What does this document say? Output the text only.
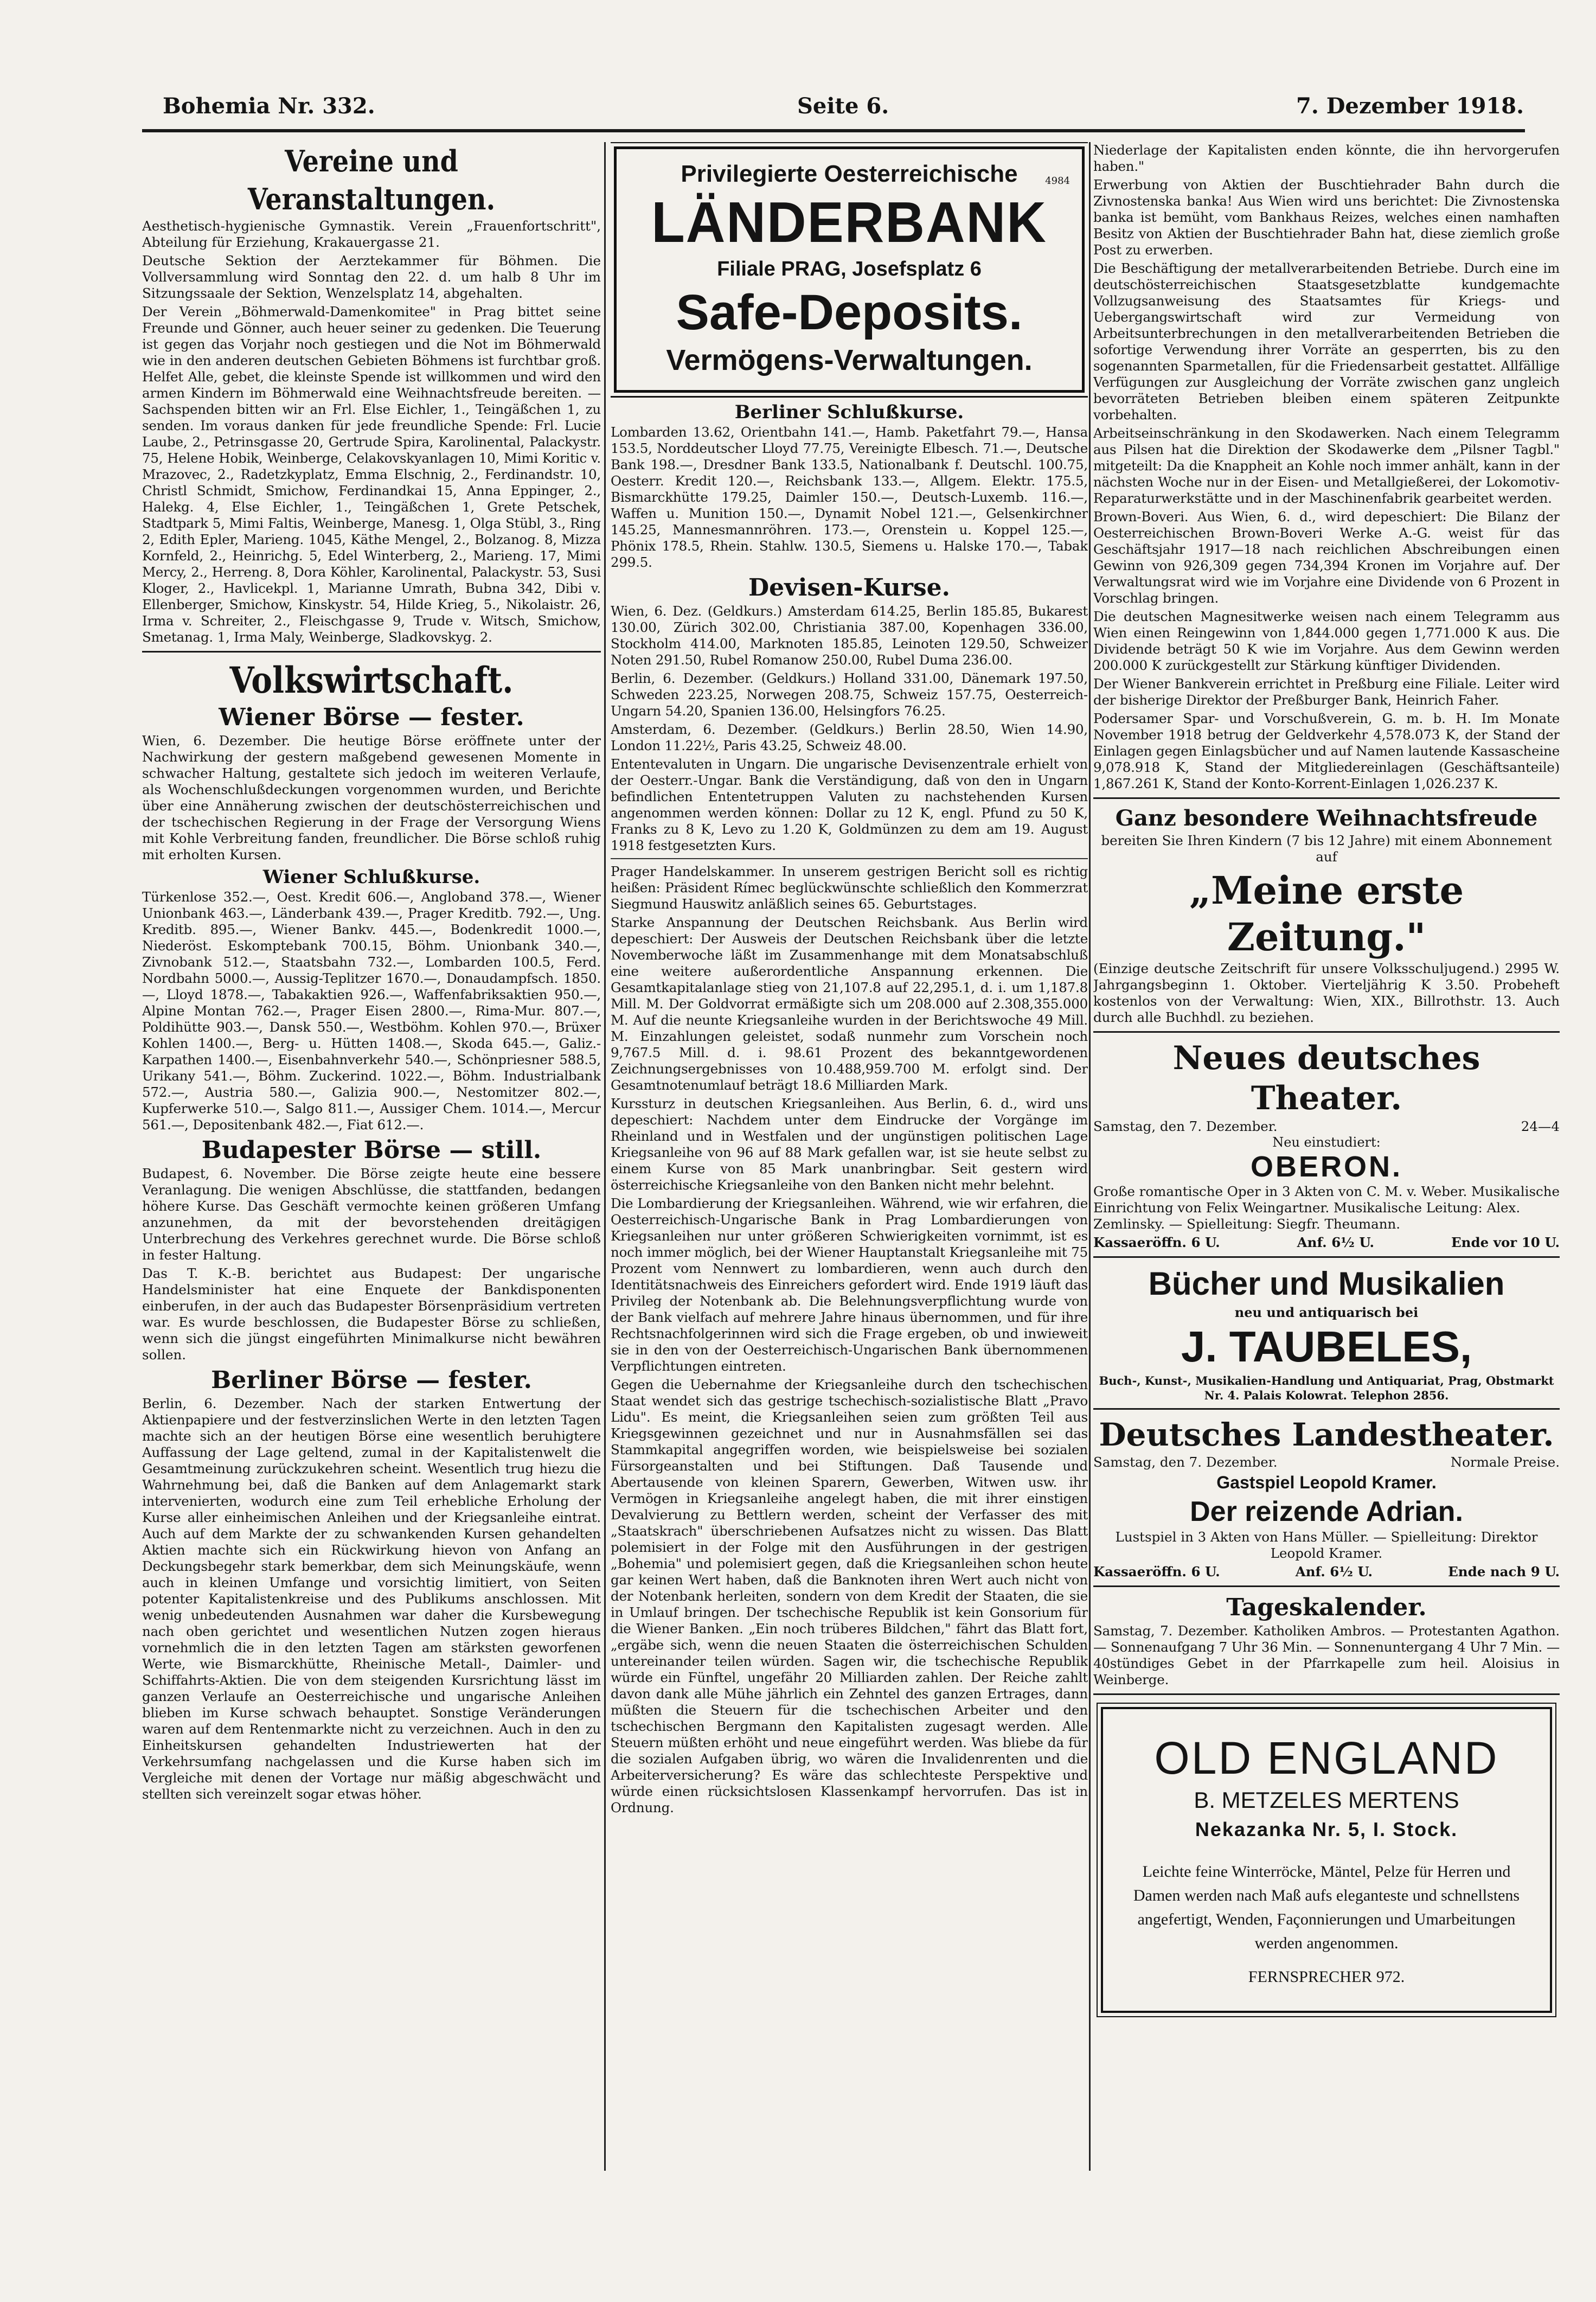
Bohemia Nr. 332.	Seite 6.	7. Dezember 1918.
Vereine und Veranstaltungen.

Aesthetisch-hygienische Gymnastik. Verein „Frauenfortschritt", Abteilung für Erziehung, Krakauergasse 21.

Deutsche Sektion der Aerztekammer für Böhmen. Die Vollversammlung wird Sonntag den 22. d. um halb 8 Uhr im Sitzungssaale der Sektion, Wenzelsplatz 14, abgehalten.

Der Verein „Böhmerwald-Damenkomitee" in Prag bittet seine Freunde und Gönner, auch heuer seiner zu gedenken. Die Teuerung ist gegen das Vorjahr noch gestiegen und die Not im Böhmerwald wie in den anderen deutschen Gebieten Böhmens ist furchtbar groß. Helfet Alle, gebet, die kleinste Spende ist willkommen und wird den armen Kindern im Böhmerwald eine Weihnachtsfreude bereiten. — Sachspenden bitten wir an Frl. Else Eichler, 1., Teingäßchen 1, zu senden. Im voraus danken für jede freundliche Spende: Frl. Lucie Laube, 2., Petrinsgasse 20, Gertrude Spira, Karolinental, Palackystr. 75, Helene Hobik, Weinberge, Celakovskyanlagen 10, Mimi Koritic v. Mrazovec, 2., Radetzkyplatz, Emma Elschnig, 2., Ferdinandstr. 10, Christl Schmidt, Smichow, Ferdinandkai 15, Anna Eppinger, 2., Halekg. 4, Else Eichler, 1., Teingäßchen 1, Grete Petschek, Stadtpark 5, Mimi Faltis, Weinberge, Manesg. 1, Olga Stübl, 3., Ring 2, Edith Epler, Marieng. 1045, Käthe Mengel, 2., Bolzanog. 8, Mizza Kornfeld, 2., Heinrichg. 5, Edel Winterberg, 2., Marieng. 17, Mimi Mercy, 2., Herreng. 8, Dora Köhler, Karolinental, Palackystr. 53, Susi Kloger, 2., Havlicekpl. 1, Marianne Umrath, Bubna 342, Dibi v. Ellenberger, Smichow, Kinskystr. 54, Hilde Krieg, 5., Nikolaistr. 26, Irma v. Schreiter, 2., Fleischgasse 9, Trude v. Witsch, Smichow, Smetanag. 1, Irma Maly, Weinberge, Sladkovskyg. 2.

Volkswirtschaft.
Wiener Börse — fester.

Wien, 6. Dezember. Die heutige Börse eröffnete unter der Nachwirkung der gestern maßgebend gewesenen Momente in schwacher Haltung, gestaltete sich jedoch im weiteren Verlaufe, als Wochenschlußdeckungen vorgenommen wurden, und Berichte über eine Annäherung zwischen der deutschösterreichischen und der tschechischen Regierung in der Frage der Versorgung Wiens mit Kohle Verbreitung fanden, freundlicher. Die Börse schloß ruhig mit erholten Kursen.

Wiener Schlußkurse.

Türkenlose 352.—, Oest. Kredit 606.—, Angloband 378.—, Wiener Unionbank 463.—, Länderbank 439.—, Prager Kreditb. 792.—, Ung. Kreditb. 895.—, Wiener Bankv. 445.—, Bodenkredit 1000.—, Niederöst. Eskomptebank 700.15, Böhm. Unionbank 340.—, Zivnobank 512.—, Staatsbahn 732.—, Lombarden 100.5, Ferd. Nordbahn 5000.—, Aussig-Teplitzer 1670.—, Donaudampfsch. 1850.—, Lloyd 1878.—, Tabakaktien 926.—, Waffenfabriksaktien 950.—, Alpine Montan 762.—, Prager Eisen 2800.—, Rima-Mur. 807.—, Poldihütte 903.—, Dansk 550.—, Westböhm. Kohlen 970.—, Brüxer Kohlen 1400.—, Berg- u. Hütten 1408.—, Skoda 645.—, Galiz.-Karpathen 1400.—, Eisenbahnverkehr 540.—, Schönpriesner 588.5, Urikany 541.—, Böhm. Zuckerind. 1022.—, Böhm. Industrialbank 572.—, Austria 580.—, Galizia 900.—, Nestomitzer 802.—, Kupferwerke 510.—, Salgo 811.—, Aussiger Chem. 1014.—, Mercur 561.—, Depositenbank 482.—, Fiat 612.—.

Budapester Börse — still.

Budapest, 6. November. Die Börse zeigte heute eine bessere Veranlagung. Die wenigen Abschlüsse, die stattfanden, bedangen höhere Kurse. Das Geschäft vermochte keinen größeren Umfang anzunehmen, da mit der bevorstehenden dreitägigen Unterbrechung des Verkehres gerechnet wurde. Die Börse schloß in fester Haltung.

Das T. K.-B. berichtet aus Budapest: Der ungarische Handelsminister hat eine Enquete der Bankdisponenten einberufen, in der auch das Budapester Börsenpräsidium vertreten war. Es wurde beschlossen, die Budapester Börse zu schließen, wenn sich die jüngst eingeführten Minimalkurse nicht bewähren sollen.

Berliner Börse — fester.

Berlin, 6. Dezember. Nach der starken Entwertung der Aktienpapiere und der festverzinslichen Werte in den letzten Tagen machte sich an der heutigen Börse eine wesentlich beruhigtere Auffassung der Lage geltend, zumal in der Kapitalistenwelt die Gesamtmeinung zurückzukehren scheint. Wesentlich trug hiezu die Wahrnehmung bei, daß die Banken auf dem Anlagemarkt stark intervenierten, wodurch eine zum Teil erhebliche Erholung der Kurse aller einheimischen Anleihen und der Kriegsanleihe eintrat. Auch auf dem Markte der zu schwankenden Kursen gehandelten Aktien machte sich ein Rückwirkung hievon von Anfang an Deckungsbegehr stark bemerkbar, dem sich Meinungskäufe, wenn auch in kleinen Umfange und vorsichtig limitiert, von Seiten potenter Kapitalistenkreise und des Publikums anschlossen. Mit wenig unbedeutenden Ausnahmen war daher die Kursbewegung nach oben gerichtet und wesentlichen Nutzen zogen hieraus vornehmlich die in den letzten Tagen am stärksten geworfenen Werte, wie Bismarckhütte, Rheinische Metall-, Daimler- und Schiffahrts-Aktien. Die von dem steigenden Kursrichtung lässt im ganzen Verlaufe an Oesterreichische und ungarische Anleihen blieben im Kurse schwach behauptet. Sonstige Veränderungen waren auf dem Rentenmarkte nicht zu verzeichnen. Auch in den zu Einheitskursen gehandelten Industriewerten hat der Verkehrsumfang nachgelassen und die Kurse haben sich im Vergleiche mit denen der Vortage nur mäßig abgeschwächt und stellten sich vereinzelt sogar etwas höher.

Privilegierte Oesterreichische	4984
LÄNDERBANK
Filiale PRAG, Josefsplatz 6
Safe-Deposits.
Vermögens-Verwaltungen.
Berliner Schlußkurse.

Lombarden 13.62, Orientbahn 141.—, Hamb. Paketfahrt 79.—, Hansa 153.5, Norddeutscher Lloyd 77.75, Vereinigte Elbesch. 71.—, Deutsche Bank 198.—, Dresdner Bank 133.5, Nationalbank f. Deutschl. 100.75, Oesterr. Kredit 120.—, Reichsbank 133.—, Allgem. Elektr. 175.5, Bismarckhütte 179.25, Daimler 150.—, Deutsch-Luxemb. 116.—, Waffen u. Munition 150.—, Dynamit Nobel 121.—, Gelsenkirchner 145.25, Mannesmannröhren. 173.—, Orenstein u. Koppel 125.—, Phönix 178.5, Rhein. Stahlw. 130.5, Siemens u. Halske 170.—, Tabak 299.5.

Devisen-Kurse.

Wien, 6. Dez. (Geldkurs.) Amsterdam 614.25, Berlin 185.85, Bukarest 130.00, Zürich 302.00, Christiania 387.00, Kopenhagen 336.00, Stockholm 414.00, Marknoten 185.85, Leinoten 129.50, Schweizer Noten 291.50, Rubel Romanow 250.00, Rubel Duma 236.00.

Berlin, 6. Dezember. (Geldkurs.) Holland 331.00, Dänemark 197.50, Schweden 223.25, Norwegen 208.75, Schweiz 157.75, Oesterreich-Ungarn 54.20, Spanien 136.00, Helsingfors 76.25.

Amsterdam, 6. Dezember. (Geldkurs.) Berlin 28.50, Wien 14.90, London 11.22½, Paris 43.25, Schweiz 48.00.

Ententevaluten in Ungarn. Die ungarische Devisenzentrale erhielt von der Oesterr.-Ungar. Bank die Verständigung, daß von den in Ungarn befindlichen Ententetruppen Valuten zu nachstehenden Kursen angenommen werden können: Dollar zu 12 K, engl. Pfund zu 50 K, Franks zu 8 K, Levo zu 1.20 K, Goldmünzen zu dem am 19. August 1918 festgesetzten Kurs.

Prager Handelskammer. In unserem gestrigen Bericht soll es richtig heißen: Präsident Rímec beglückwünschte schließlich den Kommerzrat Siegmund Hauswitz anläßlich seines 65. Geburtstages.

Starke Anspannung der Deutschen Reichsbank. Aus Berlin wird depeschiert: Der Ausweis der Deutschen Reichsbank über die letzte Novemberwoche läßt im Zusammenhange mit dem Monatsabschluß eine weitere außerordentliche Anspannung erkennen. Die Gesamtkapitalanlage stieg von 21,107.8 auf 22,295.1, d. i. um 1,187.8 Mill. M. Der Goldvorrat ermäßigte sich um 208.000 auf 2.308,355.000 M. Auf die neunte Kriegsanleihe wurden in der Berichtswoche 49 Mill. M. Einzahlungen geleistet, sodaß nunmehr zum Vorschein noch 9,767.5 Mill. d. i. 98.61 Prozent des bekanntgewordenen Zeichnungsergebnisses von 10.488,959.700 M. erfolgt sind. Der Gesamtnotenumlauf beträgt 18.6 Milliarden Mark.

Kurssturz in deutschen Kriegsanleihen. Aus Berlin, 6. d., wird uns depeschiert: Nachdem unter dem Eindrucke der Vorgänge im Rheinland und in Westfalen und der ungünstigen politischen Lage Kriegsanleihe von 96 auf 88 Mark gefallen war, ist sie heute selbst zu einem Kurse von 85 Mark unanbringbar. Seit gestern wird österreichische Kriegsanleihe von den Banken nicht mehr belehnt.

Die Lombardierung der Kriegsanleihen. Während, wie wir erfahren, die Oesterreichisch-Ungarische Bank in Prag Lombardierungen von Kriegsanleihen nur unter größeren Schwierigkeiten vornimmt, ist es noch immer möglich, bei der Wiener Hauptanstalt Kriegsanleihe mit 75 Prozent vom Nennwert zu lombardieren, wenn auch durch den Identitätsnachweis des Einreichers gefordert wird. Ende 1919 läuft das Privileg der Notenbank ab. Die Belehnungsverpflichtung wurde von der Bank vielfach auf mehrere Jahre hinaus übernommen, und für ihre Rechtsnachfolgerinnen wird sich die Frage ergeben, ob und inwieweit sie in den von der Oesterreichisch-Ungarischen Bank übernommenen Verpflichtungen eintreten.

Gegen die Uebernahme der Kriegsanleihe durch den tschechischen Staat wendet sich das gestrige tschechisch-sozialistische Blatt „Pravo Lidu". Es meint, die Kriegsanleihen seien zum größten Teil aus Kriegsgewinnen gezeichnet und nur in Ausnahmsfällen sei das Stammkapital angegriffen worden, wie beispielsweise bei sozialen Fürsorgeanstalten und bei Stiftungen. Daß Tausende und Abertausende von kleinen Sparern, Gewerben, Witwen usw. ihr Vermögen in Kriegsanleihe angelegt haben, die mit ihrer einstigen Devalvierung zu Bettlern werden, scheint der Verfasser des mit „Staatskrach" überschriebenen Aufsatzes nicht zu wissen. Das Blatt polemisiert in der Folge mit den Ausführungen in der gestrigen „Bohemia" und polemisiert gegen, daß die Kriegsanleihen schon heute gar keinen Wert haben, daß die Banknoten ihren Wert auch nicht von der Notenbank herleiten, sondern von dem Kredit der Staaten, die sie in Umlauf bringen. Der tschechische Republik ist kein Gonsorium für die Wiener Banken. „Ein noch trüberes Bildchen," fährt das Blatt fort, „ergäbe sich, wenn die neuen Staaten die österreichischen Schulden untereinander teilen würden. Sagen wir, die tschechische Republik würde ein Fünftel, ungefähr 20 Milliarden zahlen. Der Reiche zahlt davon dank alle Mühe jährlich ein Zehntel des ganzen Ertrages, dann müßten die Steuern für die tschechischen Arbeiter und den tschechischen Bergmann den Kapitalisten zugesagt werden. Alle Steuern müßten erhöht und neue eingeführt werden. Was bliebe da für die sozialen Aufgaben übrig, wo wären die Invalidenrenten und die Arbeiterversicherung? Es wäre das schlechteste Perspektive und würde einen rücksichtslosen Klassenkampf hervorrufen. Das ist in Ordnung.

Niederlage der Kapitalisten enden könnte, die ihn hervorgerufen haben."

Erwerbung von Aktien der Buschtiehrader Bahn durch die Zivnostenska banka! Aus Wien wird uns berichtet: Die Zivnostenska banka ist bemüht, vom Bankhaus Reizes, welches einen namhaften Besitz von Aktien der Buschtiehrader Bahn hat, diese ziemlich große Post zu erwerben.

Die Beschäftigung der metallverarbeitenden Betriebe. Durch eine im deutschösterreichischen Staatsgesetzblatte kundgemachte Vollzugsanweisung des Staatsamtes für Kriegs- und Uebergangswirtschaft wird zur Vermeidung von Arbeitsunterbrechungen in den metallverarbeitenden Betrieben die sofortige Verwendung ihrer Vorräte an gesperrten, bis zu den sogenannten Sparmetallen, für die Friedensarbeit gestattet. Allfällige Verfügungen zur Ausgleichung der Vorräte zwischen ganz ungleich bevorräteten Betrieben bleiben einem späteren Zeitpunkte vorbehalten.

Arbeitseinschränkung in den Skodawerken. Nach einem Telegramm aus Pilsen hat die Direktion der Skodawerke dem „Pilsner Tagbl." mitgeteilt: Da die Knappheit an Kohle noch immer anhält, kann in der nächsten Woche nur in der Eisen- und Metallgießerei, der Lokomotiv-Reparaturwerkstätte und in der Maschinenfabrik gearbeitet werden.

Brown-Boveri. Aus Wien, 6. d., wird depeschiert: Die Bilanz der Oesterreichischen Brown-Boveri Werke A.-G. weist für das Geschäftsjahr 1917—18 nach reichlichen Abschreibungen einen Gewinn von 926,309 gegen 734,394 Kronen im Vorjahre auf. Der Verwaltungsrat wird wie im Vorjahre eine Dividende von 6 Prozent in Vorschlag bringen.

Die deutschen Magnesitwerke weisen nach einem Telegramm aus Wien einen Reingewinn von 1,844.000 gegen 1,771.000 K aus. Die Dividende beträgt 50 K wie im Vorjahre. Aus dem Gewinn werden 200.000 K zurückgestellt zur Stärkung künftiger Dividenden.

Der Wiener Bankverein errichtet in Preßburg eine Filiale. Leiter wird der bisherige Direktor der Preßburger Bank, Heinrich Faher.

Podersamer Spar- und Vorschußverein, G. m. b. H. Im Monate November 1918 betrug der Geldverkehr 4,578.073 K, der Stand der Einlagen gegen Einlagsbücher und auf Namen lautende Kassascheine 9,078.918 K, Stand der Mitgliedereinlagen (Geschäftsanteile) 1,867.261 K, Stand der Konto-Korrent-Einlagen 1,026.237 K.

Ganz besondere Weihnachtsfreude

bereiten Sie Ihren Kindern (7 bis 12 Jahre) mit einem Abonnement auf

„Meine erste Zeitung."

(Einzige deutsche Zeitschrift für unsere Volksschuljugend.) 2995 W. Jahrgangsbeginn 1. Oktober. Vierteljährig K 3.50. Probeheft kostenlos von der Verwaltung: Wien, XIX., Billrothstr. 13. Auch durch alle Buchhdl. zu beziehen.

Neues deutsches Theater.
Samstag, den 7. Dezember.	24—4
Neu einstudiert:
OBERON.

Große romantische Oper in 3 Akten von C. M. v. Weber. Musikalische Einrichtung von Felix Weingartner. Musikalische Leitung: Alex. Zemlinsky. — Spielleitung: Siegfr. Theumann.

Kassaeröffn. 6 U.	Anf. 6½ U.	Ende vor 10 U.
Bücher und Musikalien
neu und antiquarisch bei
J. TAUBELES,

Buch-, Kunst-, Musikalien-Handlung und Antiquariat, Prag, Obstmarkt Nr. 4. Palais Kolowrat. Telephon 2856.

Deutsches Landestheater.
Samstag, den 7. Dezember.	Normale Preise.
Gastspiel Leopold Kramer.
Der reizende Adrian.

Lustspiel in 3 Akten von Hans Müller. — Spielleitung: Direktor Leopold Kramer.

Kassaeröffn. 6 U.	Anf. 6½ U.	Ende nach 9 U.
Tageskalender.

Samstag, 7. Dezember. Katholiken Ambros. — Protestanten Agathon. — Sonnenaufgang 7 Uhr 36 Min. — Sonnenuntergang 4 Uhr 7 Min. — 40stündiges Gebet in der Pfarrkapelle zum heil. Aloisius in Weinberge.

OLD ENGLAND
B. METZELES MERTENS
Nekazanka Nr. 5, I. Stock.
Leichte feine Winterröcke, Mäntel, Pelze für Herren und Damen werden nach Maß aufs eleganteste und schnellstens angefertigt, Wenden, Façonnierungen und Umarbeitungen werden angenommen.
FERNSPRECHER 972.
